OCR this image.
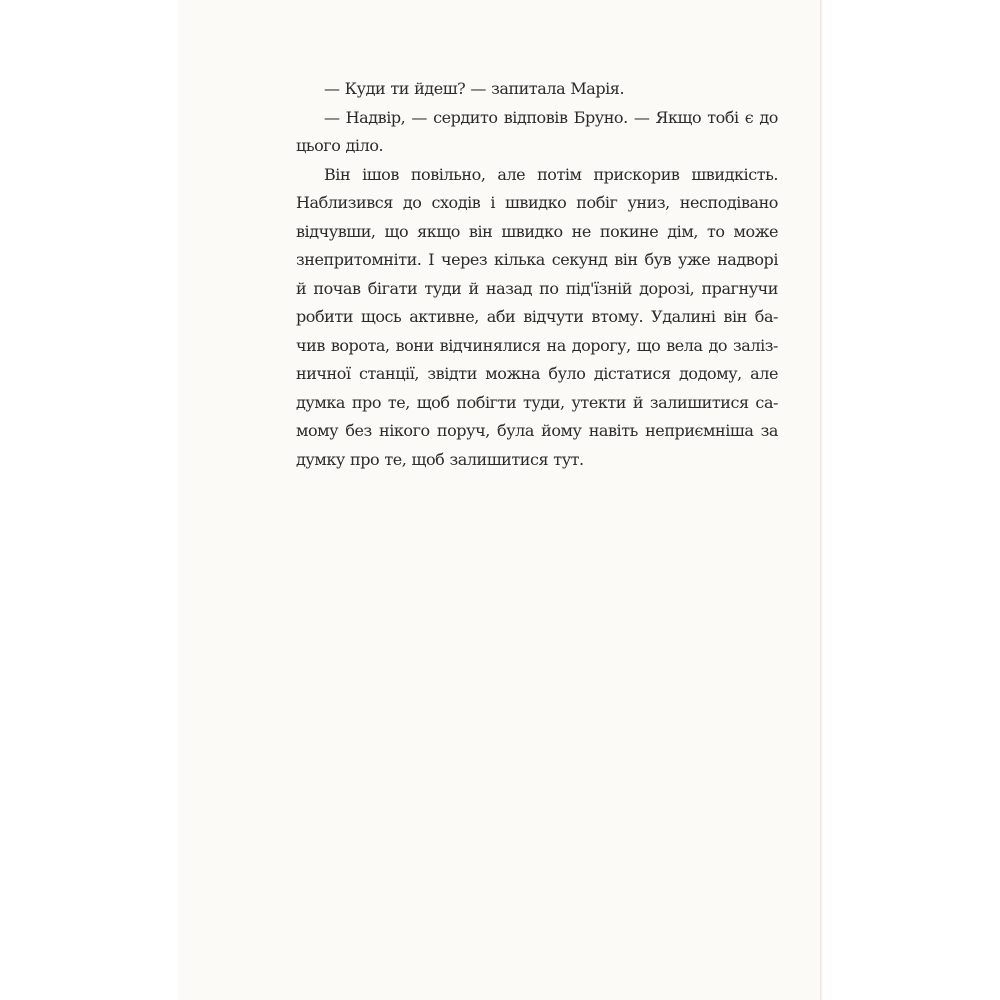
— Куди ти йдеш? — запитала Марія.
— Надвір, — сердито відповів Бруно. — Якщо тобі є до
цього діло.
Він ішов повільно, але потім прискорив швидкість.
Наблизився до сходів і швидко побіг униз, несподівано
відчувши, що якщо він швидко не покине дім, то може
знепритомніти. І через кілька секунд він був уже надворі
й почав бігати туди й назад по під'їзній дорозі, прагнучи
робити щось активне, аби відчути втому. Удалині він ба-
чив ворота, вони відчинялися на дорогу, що вела до заліз-
ничної станції, звідти можна було дістатися додому, але
думка про те, щоб побігти туди, утекти й залишитися са-
мому без нікого поруч, була йому навіть неприємніша за
думку про те, щоб залишитися тут.
